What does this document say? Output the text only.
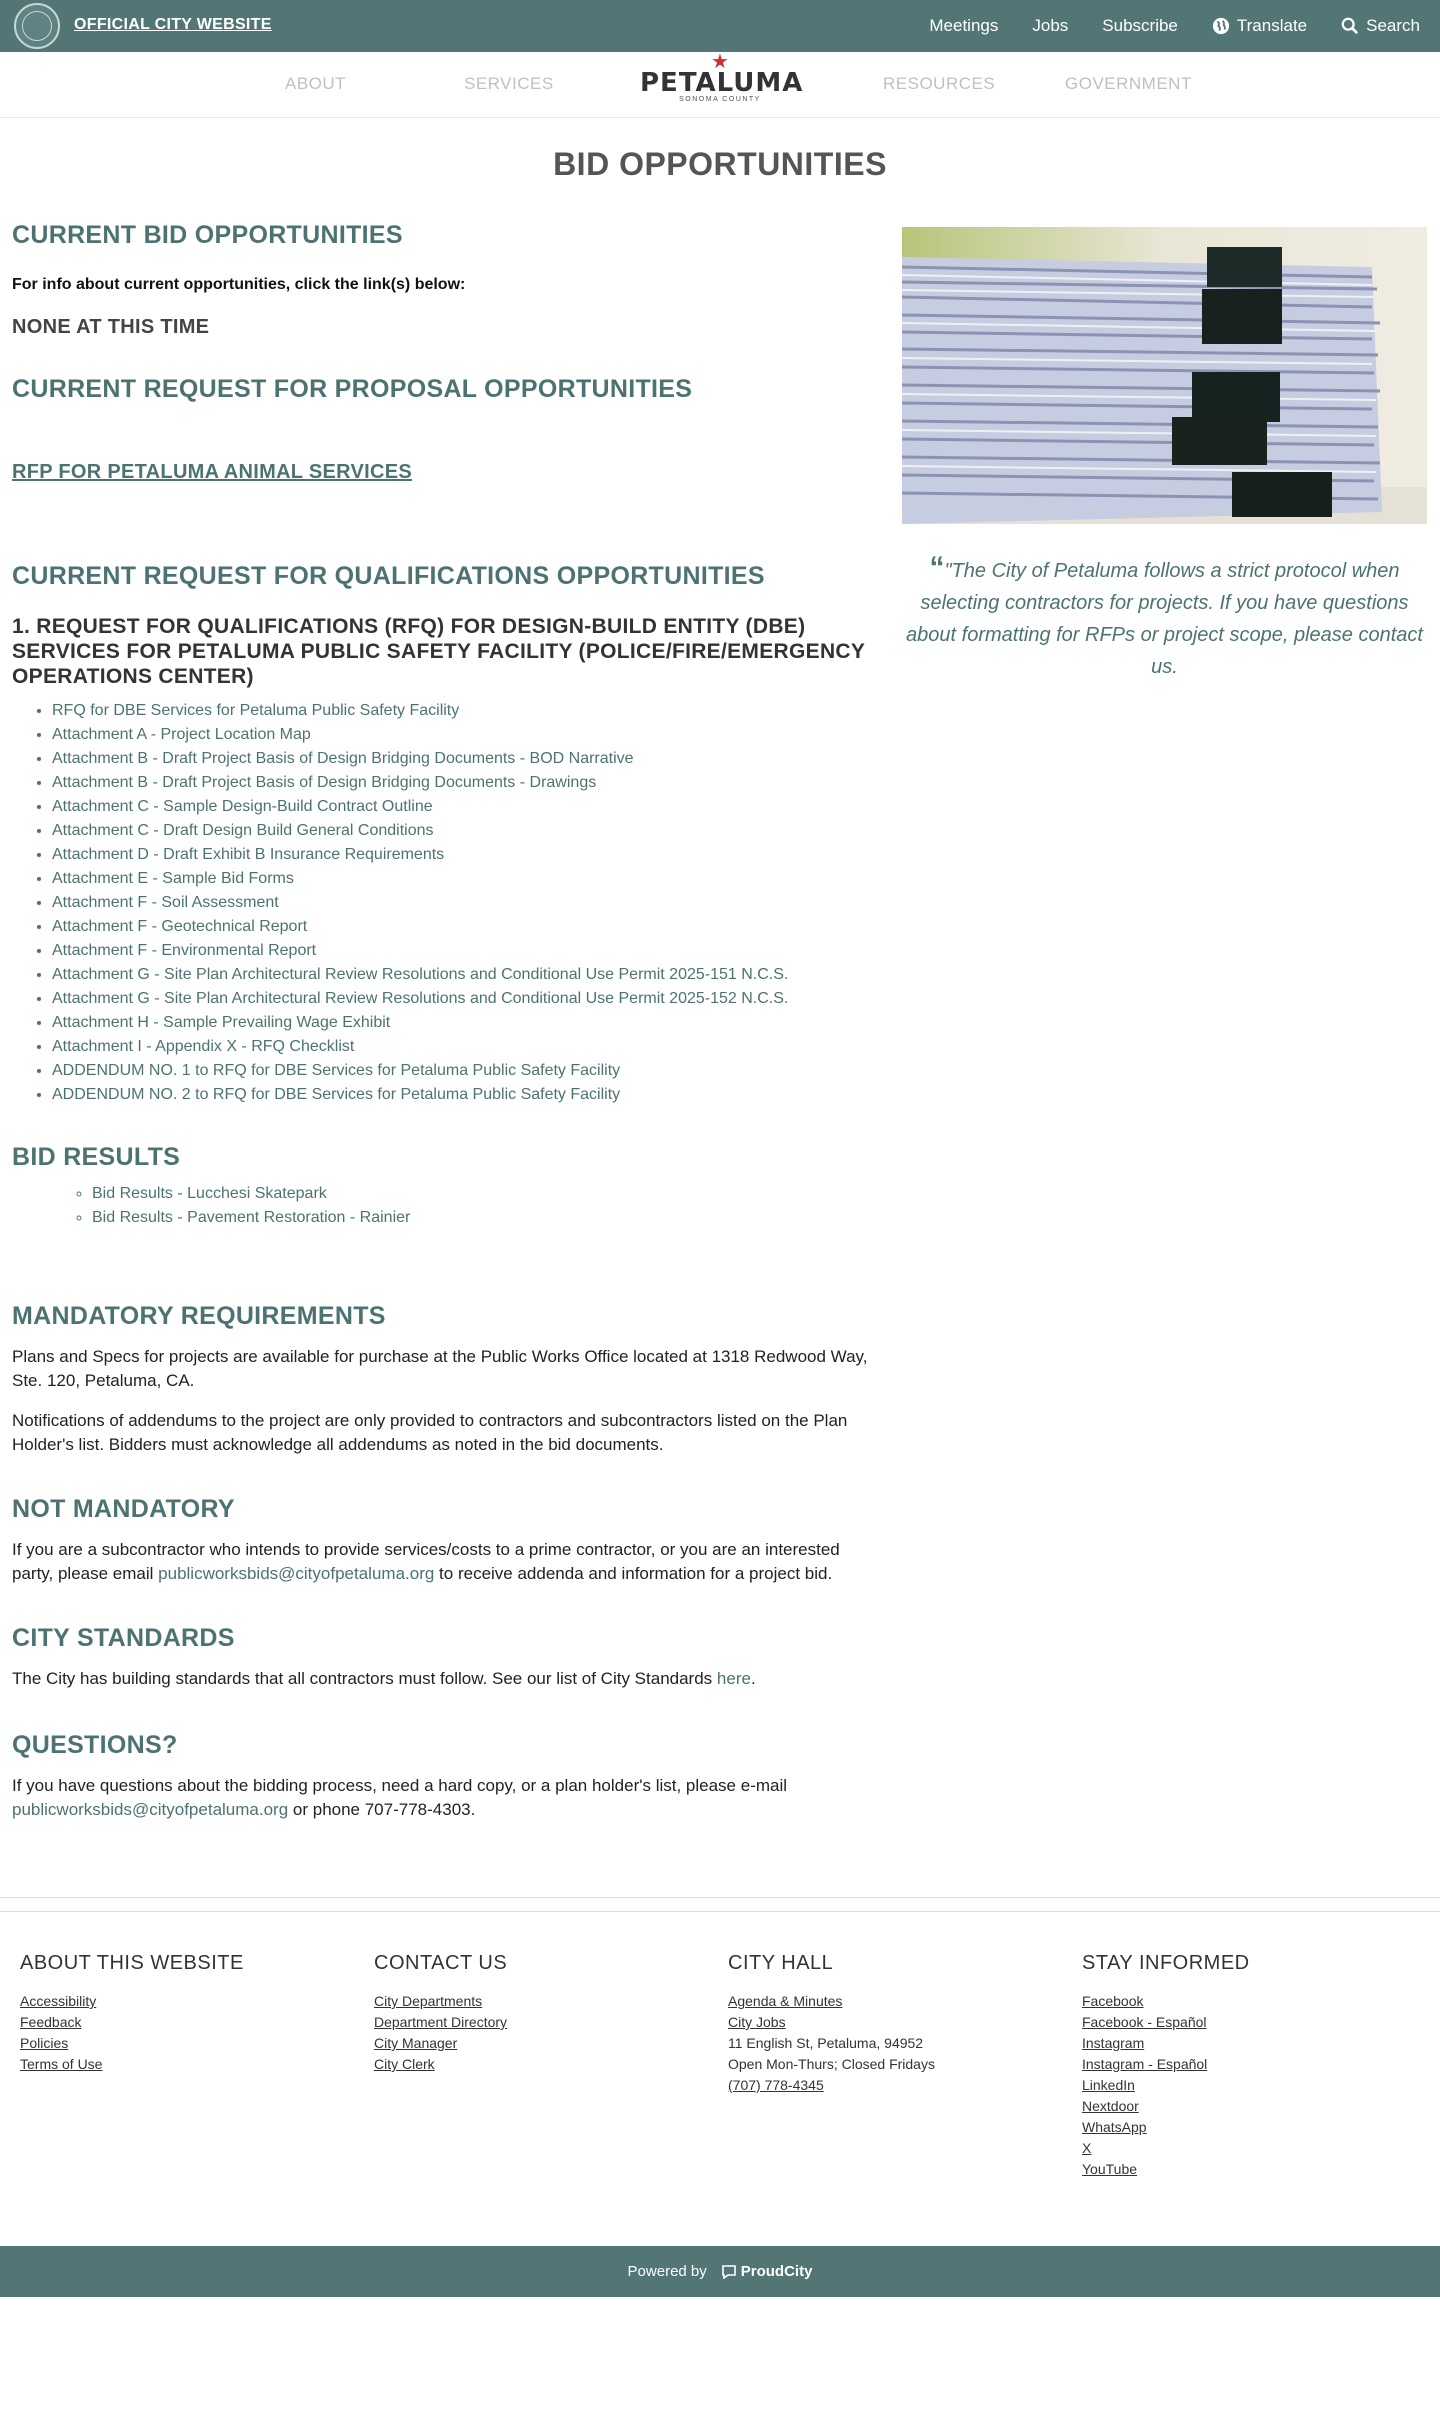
OFFICIAL CITY WEBSITE	Meetings Jobs Subscribe	Translate	Search
ABOUT	SERVICES
★
PETALUMA
SONOMA COUNTY
RESOURCES	GOVERNMENT
BID OPPORTUNITIES
CURRENT BID OPPORTUNITIES

For info about current opportunities, click the link(s) below:

NONE AT THIS TIME

CURRENT REQUEST FOR PROPOSAL OPPORTUNITIES

RFP FOR PETALUMA ANIMAL SERVICES

CURRENT REQUEST FOR QUALIFICATIONS OPPORTUNITIES
1. REQUEST FOR QUALIFICATIONS (RFQ) FOR DESIGN-BUILD ENTITY (DBE) SERVICES FOR PETALUMA PUBLIC SAFETY FACILITY (POLICE/FIRE/EMERGENCY OPERATIONS CENTER)
• RFQ for DBE Services for Petaluma Public Safety Facility
• Attachment A - Project Location Map
• Attachment B - Draft Project Basis of Design Bridging Documents - BOD Narrative
• Attachment B - Draft Project Basis of Design Bridging Documents - Drawings
• Attachment C - Sample Design-Build Contract Outline
• Attachment C - Draft Design Build General Conditions
• Attachment D - Draft Exhibit B Insurance Requirements
• Attachment E - Sample Bid Forms
• Attachment F - Soil Assessment
• Attachment F - Geotechnical Report
• Attachment F - Environmental Report
• Attachment G - Site Plan Architectural Review Resolutions and Conditional Use Permit 2025-151 N.C.S.
• Attachment G - Site Plan Architectural Review Resolutions and Conditional Use Permit 2025-152 N.C.S.
• Attachment H - Sample Prevailing Wage Exhibit
• Attachment I - Appendix X - RFQ Checklist
• ADDENDUM NO. 1 to RFQ for DBE Services for Petaluma Public Safety Facility
• ADDENDUM NO. 2 to RFQ for DBE Services for Petaluma Public Safety Facility
BID RESULTS
◦ Bid Results - Lucchesi Skatepark
◦ Bid Results - Pavement Restoration - Rainier
MANDATORY REQUIREMENTS

Plans and Specs for projects are available for purchase at the Public Works Office located at 1318 Redwood Way, Ste. 120, Petaluma, CA.

Notifications of addendums to the project are only provided to contractors and subcontractors listed on the Plan Holder's list. Bidders must acknowledge all addendums as noted in the bid documents.

NOT MANDATORY

If you are a subcontractor who intends to provide services/costs to a prime contractor, or you are an interested party, please email publicworksbids@cityofpetaluma.org to receive addenda and information for a project bid.

CITY STANDARDS

The City has building standards that all contractors must follow. See our list of City Standards here.

QUESTIONS?

If you have questions about the bidding process, need a hard copy, or a plan holder's list, please e-mail publicworksbids@cityofpetaluma.org or phone 707-778-4303.

“"The City of Petaluma follows a strict protocol when selecting contractors for projects. If you have questions about formatting for RFPs or project scope, please contact us.
ABOUT THIS WEBSITE
Accessibility
Feedback
Policies
Terms of Use
CONTACT US
City Departments
Department Directory
City Manager
City Clerk
CITY HALL
Agenda & Minutes
City Jobs
11 English St, Petaluma, 94952
Open Mon-Thurs; Closed Fridays
(707) 778-4345
STAY INFORMED
Facebook
Facebook - Español
Instagram
Instagram - Español
LinkedIn
Nextdoor
WhatsApp
X
YouTube
Powered by ProudCity
